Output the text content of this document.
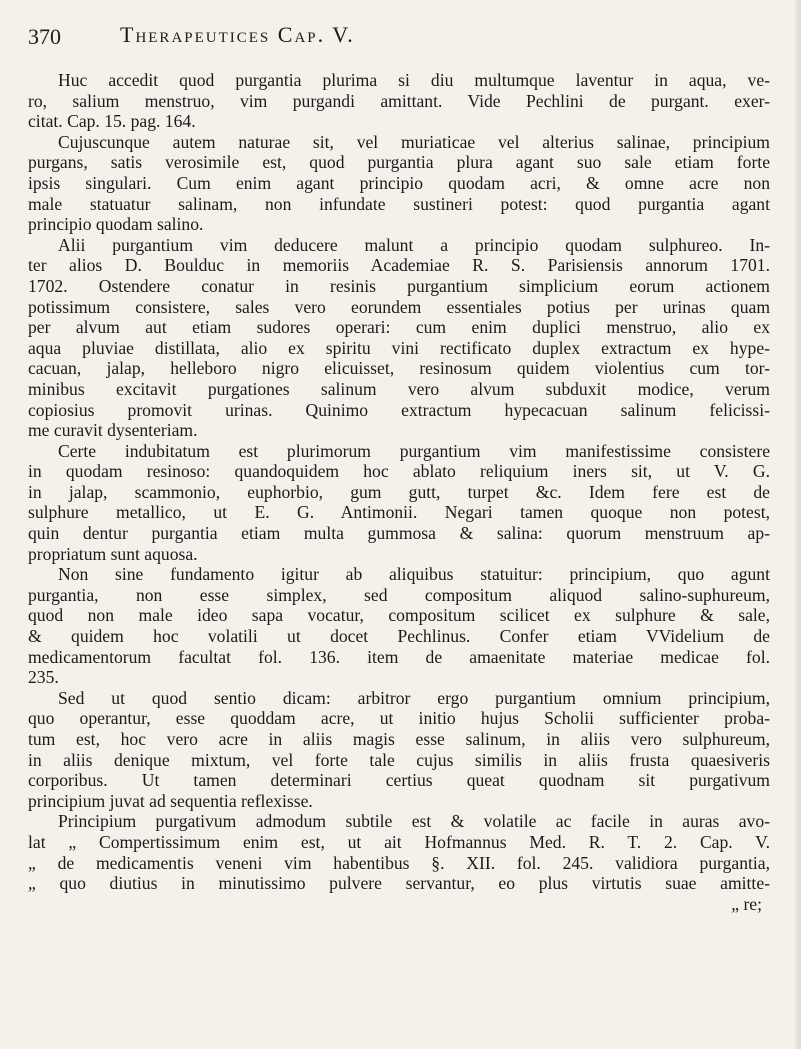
370	Therapeutices Cap. V.
Huc accedit quod purgantia plurima si diu multumque laventur in aqua, ve-
ro, salium menstruo, vim purgandi amittant. Vide Pechlini de purgant. exer-
citat. Cap. 15. pag. 164.
Cujuscunque autem naturae sit, vel muriaticae vel alterius salinae, principium
purgans, satis verosimile est, quod purgantia plura agant suo sale etiam forte
ipsis singulari. Cum enim agant principio quodam acri, & omne acre non
male statuatur salinam, non infundate sustineri potest: quod purgantia agant
principio quodam salino.
Alii purgantium vim deducere malunt a principio quodam sulphureo. In-
ter alios D. Boulduc in memoriis Academiae R. S. Parisiensis annorum 1701.
1702. Ostendere conatur in resinis purgantium simplicium eorum actionem
potissimum consistere, sales vero eorundem essentiales potius per urinas quam
per alvum aut etiam sudores operari: cum enim duplici menstruo, alio ex
aqua pluviae distillata, alio ex spiritu vini rectificato duplex extractum ex hype-
cacuan, jalap, helleboro nigro elicuisset, resinosum quidem violentius cum tor-
minibus excitavit purgationes salinum vero alvum subduxit modice, verum
copiosius promovit urinas. Quinimo extractum hypecacuan salinum felicissi-
me curavit dysenteriam.
Certe indubitatum est plurimorum purgantium vim manifestissime consistere
in quodam resinoso: quandoquidem hoc ablato reliquium iners sit, ut V. G.
in jalap, scammonio, euphorbio, gum gutt, turpet &c. Idem fere est de
sulphure metallico, ut E. G. Antimonii. Negari tamen quoque non potest,
quin dentur purgantia etiam multa gummosa & salina: quorum menstruum ap-
propriatum sunt aquosa.
Non sine fundamento igitur ab aliquibus statuitur: principium, quo agunt
purgantia, non esse simplex, sed compositum aliquod salino-suphureum,
quod non male ideo sapa vocatur, compositum scilicet ex sulphure & sale,
& quidem hoc volatili ut docet Pechlinus. Confer etiam VVidelium de
medicamentorum facultat fol. 136. item de amaenitate materiae medicae fol.
235.
Sed ut quod sentio dicam: arbitror ergo purgantium omnium principium,
quo operantur, esse quoddam acre, ut initio hujus Scholii sufficienter proba-
tum est, hoc vero acre in aliis magis esse salinum, in aliis vero sulphureum,
in aliis denique mixtum, vel forte tale cujus similis in aliis frusta quaesiveris
corporibus. Ut tamen determinari certius queat quodnam sit purgativum
principium juvat ad sequentia reflexisse.
Principium purgativum admodum subtile est & volatile ac facile in auras avo-
lat „ Compertissimum enim est, ut ait Hofmannus Med. R. T. 2. Cap. V.
„ de medicamentis veneni vim habentibus §. XII. fol. 245. validiora purgantia,
„ quo diutius in minutissimo pulvere servantur, eo plus virtutis suae amitte-
„ re;
